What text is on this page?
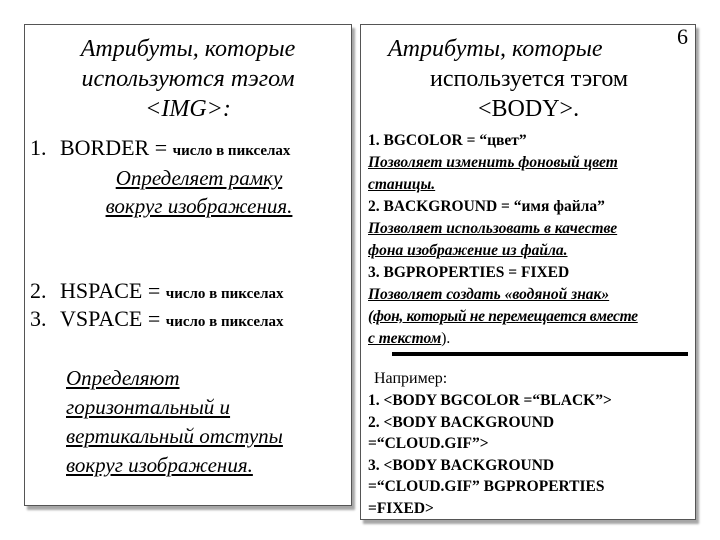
Атрибуты, которые
используются тэгом
<IMG>:
1. BORDER = число в пикселах
Определяет рамку
вокруг изображения.
2. HSPACE = число в пикселах
3. VSPACE = число в пикселах
Определяют
горизонтальный и
вертикальный отступы
вокруг изображения.
6
Атрибуты, которые
используется тэгом
<BODY>.
1. BGCOLOR = “цвет”
Позволяет изменить фоновый цвет
станицы.
2. BACKGROUND = “имя файла”
Позволяет использовать в качестве
фона изображение из файла.
3. BGPROPERTIES = FIXED
Позволяет создать «водяной знак»
(фон, который не перемещается вместе
с текстом).
Например:
1. <BODY BGCOLOR =“BLACK”>
2. <BODY BACKGROUND
=“CLOUD.GIF”>
3. <BODY BACKGROUND
=“CLOUD.GIF” BGPROPERTIES
=FIXED>
